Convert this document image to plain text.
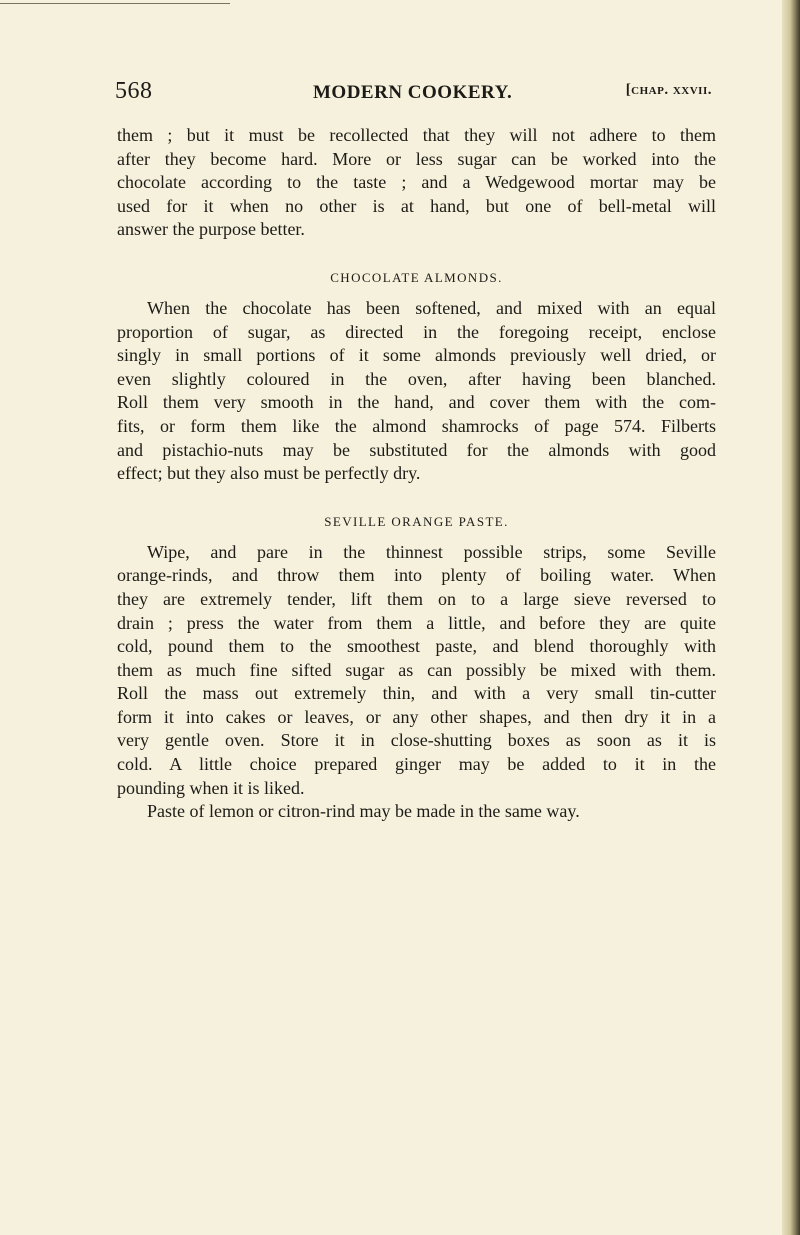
568	MODERN COOKERY.	[chap. xxvii.

them ; but it must be recollected that they will not adhere to them

after they become hard. More or less sugar can be worked into the

chocolate according to the taste ; and a Wedgewood mortar may be

used for it when no other is at hand, but one of bell-metal will

answer the purpose better.

CHOCOLATE ALMONDS.

When the chocolate has been softened, and mixed with an equal

proportion of sugar, as directed in the foregoing receipt, enclose

singly in small portions of it some almonds previously well dried, or

even slightly coloured in the oven, after having been blanched.

Roll them very smooth in the hand, and cover them with the com-

fits, or form them like the almond shamrocks of page 574. Filberts

and pistachio-nuts may be substituted for the almonds with good

effect; but they also must be perfectly dry.

SEVILLE ORANGE PASTE.

Wipe, and pare in the thinnest possible strips, some Seville

orange-rinds, and throw them into plenty of boiling water. When

they are extremely tender, lift them on to a large sieve reversed to

drain ; press the water from them a little, and before they are quite

cold, pound them to the smoothest paste, and blend thoroughly with

them as much fine sifted sugar as can possibly be mixed with them.

Roll the mass out extremely thin, and with a very small tin-cutter

form it into cakes or leaves, or any other shapes, and then dry it in a

very gentle oven. Store it in close-shutting boxes as soon as it is

cold. A little choice prepared ginger may be added to it in the

pounding when it is liked.

Paste of lemon or citron-rind may be made in the same way.
